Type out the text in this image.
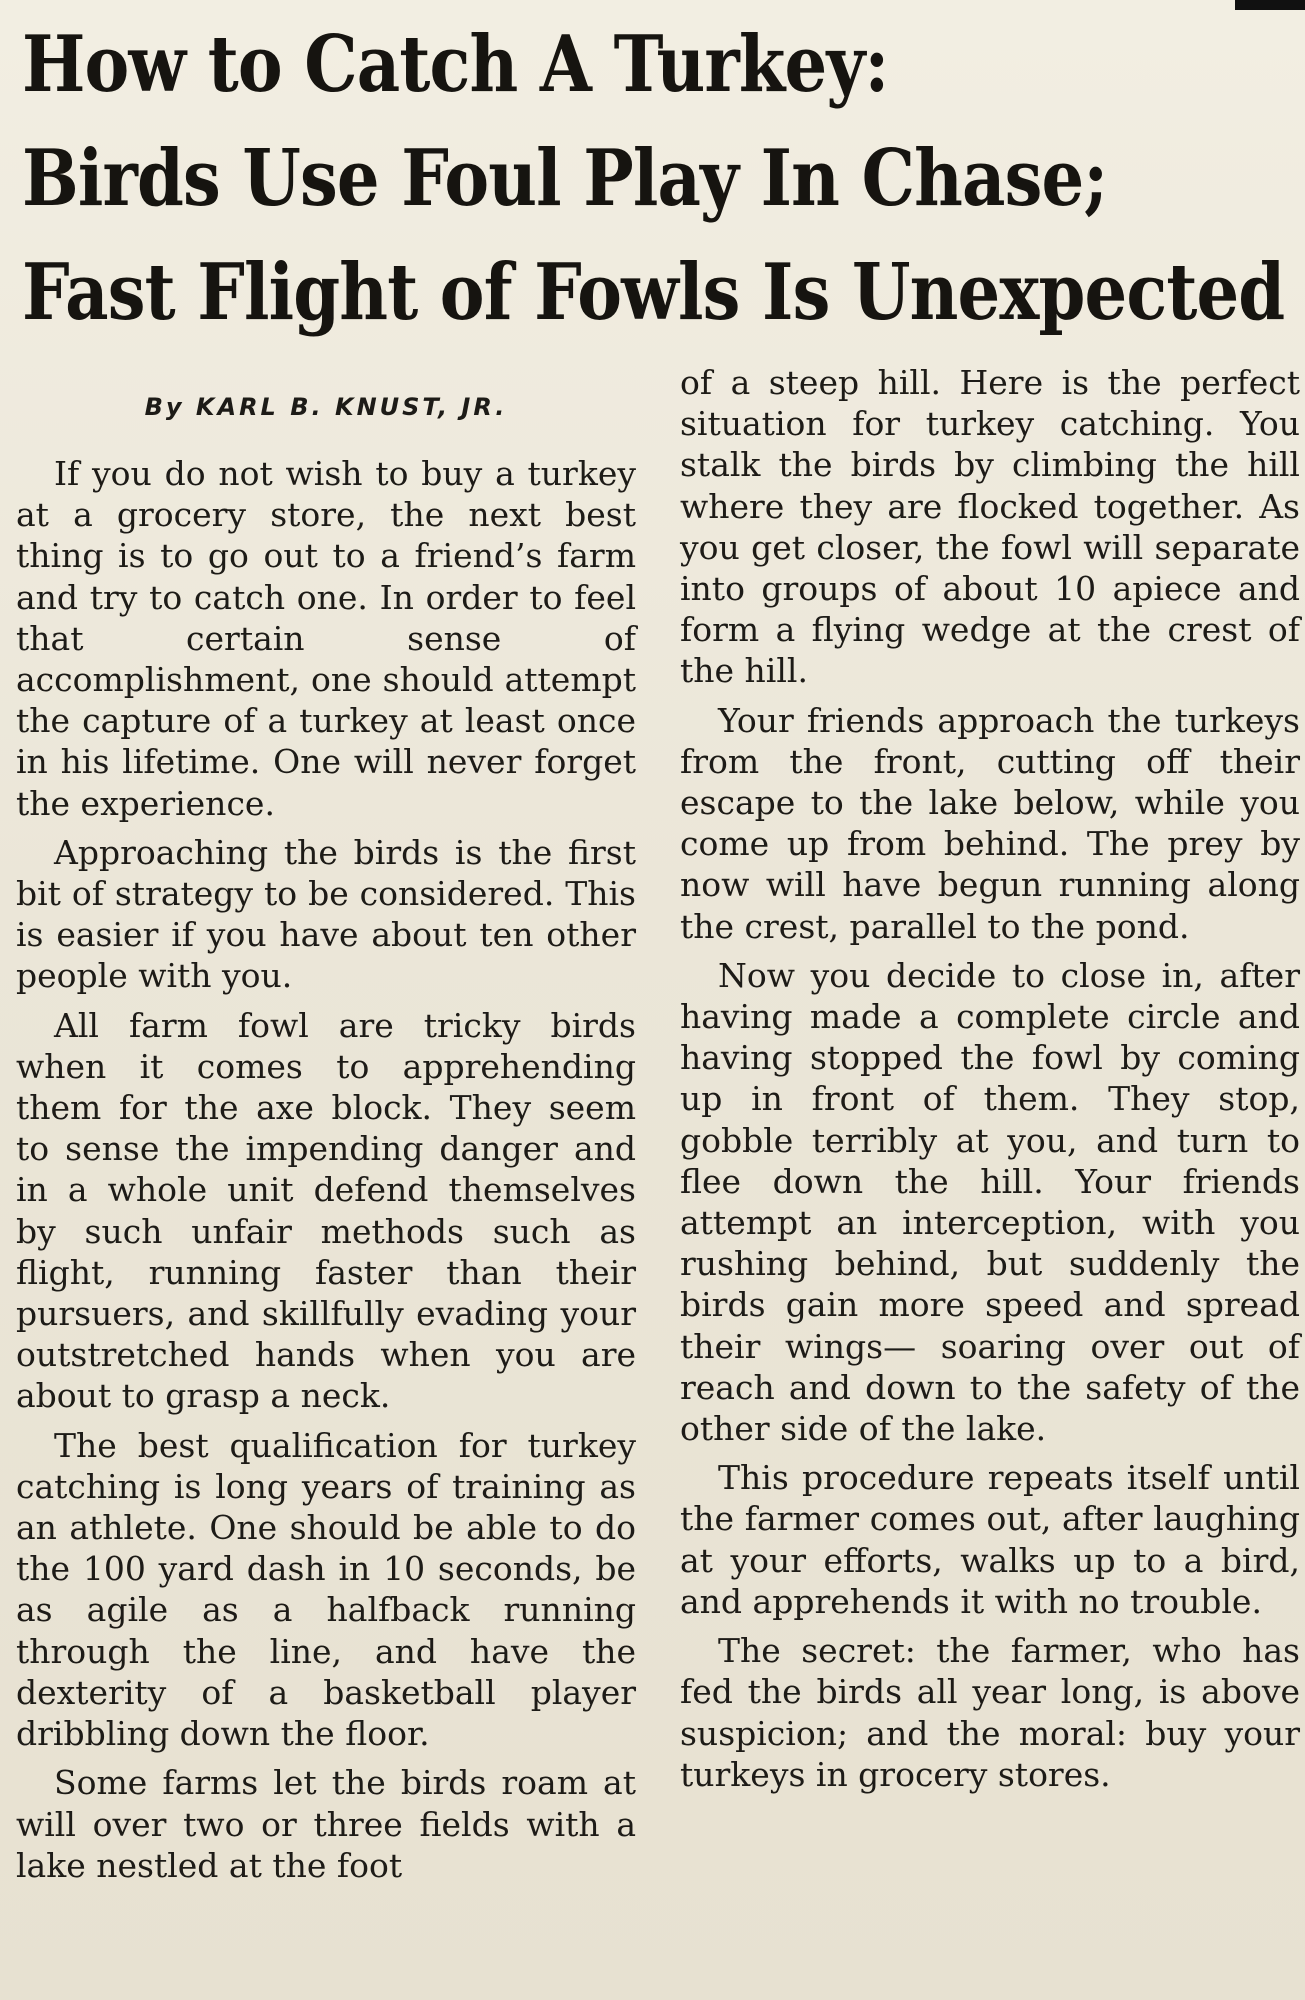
How to Catch A Turkey:
Birds Use Foul Play In Chase;
Fast Flight of Fowls Is Unexpected
By KARL B. KNUST, JR.

If you do not wish to buy a turkey at a grocery store, the next best thing is to go out to a friend’s farm and try to catch one. In order to feel that certain sense of accomplishment, one should attempt the capture of a turkey at least once in his lifetime. One will never forget the experience.

Approaching the birds is the first bit of strategy to be considered. This is easier if you have about ten other people with you.

All farm fowl are tricky birds when it comes to apprehending them for the axe block. They seem to sense the impending danger and in a whole unit defend themselves by such unfair methods such as flight, running faster than their pursuers, and skillfully evading your outstretched hands when you are about to grasp a neck.

The best qualification for turkey catching is long years of training as an athlete. One should be able to do the 100 yard dash in 10 seconds, be as agile as a halfback running through the line, and have the dexterity of a basketball player dribbling down the floor.

Some farms let the birds roam at will over two or three fields with a lake nestled at the foot

of a steep hill. Here is the perfect situation for turkey catching. You stalk the birds by climbing the hill where they are flocked together. As you get closer, the fowl will separate into groups of about 10 apiece and form a flying wedge at the crest of the hill.

Your friends approach the turkeys from the front, cutting off their escape to the lake below, while you come up from behind. The prey by now will have begun running along the crest, parallel to the pond.

Now you decide to close in, after having made a complete circle and having stopped the fowl by coming up in front of them. They stop, gobble terribly at you, and turn to flee down the hill. Your friends attempt an interception, with you rushing behind, but suddenly the birds gain more speed and spread their wings— soaring over out of reach and down to the safety of the other side of the lake.

This procedure repeats itself until the farmer comes out, after laughing at your efforts, walks up to a bird, and apprehends it with no trouble.

The secret: the farmer, who has fed the birds all year long, is above suspicion; and the moral: buy your turkeys in grocery stores.
